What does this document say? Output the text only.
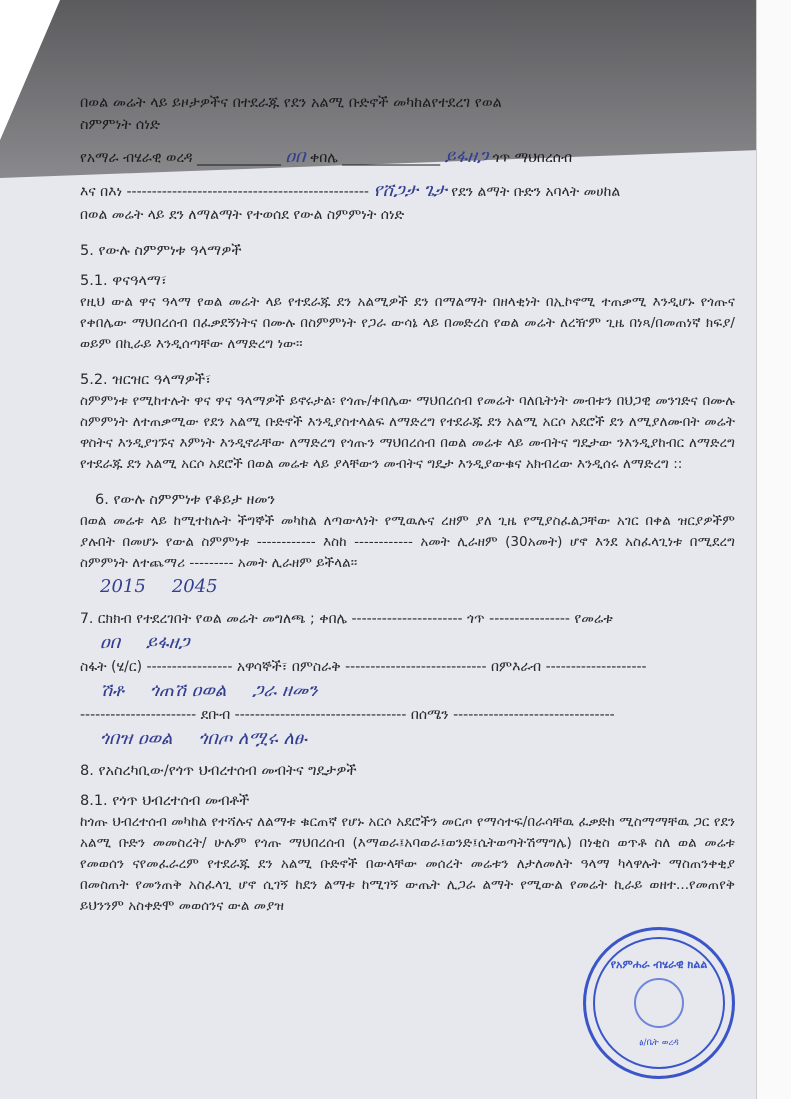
በወል መሬት ላይ ይዞታዎችና በተደራጁ የደን አልሚ ቡድኖች መካከልየተደረገ የወል
ስምምነት ሰነድ
የአማራ ብሄራዊ ወረዳ ____________ ዐበ ቀበሌ ______________ ይፋዘጋ ጎጥ ማህበረሰብ
እና በእነ ------------------------------------------------ የሸጋታ ጌታ የደን ልማት ቡድን አባላት መሀከል
በወል መሬት ላይ ደን ለማልማት የተወሰደ የውል ስምምነት ሰነድ
5. የውሉ ስምምነቱ ዓላማዎች
5.1. ዋናዓላማ፣
የዚህ ውል ዋና ዓላማ የወል መሬት ላይ የተደራጁ ደን አልሚዎች ደን በማልማት በዘላቂነት በኢኮኖሚ ተጠቃሚ እንዲሆኑ የጎጡና የቀበሌው ማህበረሰብ በፈቃደኝነትና በሙሉ በስምምነት የጋራ ውሳኔ ላይ በመድረስ የወል መሬት ለረዥም ጊዜ በነጻ/በመጠነኛ ክፍያ/ ወይም በኪራይ እንዲሰጣቸው ለማድረግ ነው፡፡
5.2. ዝርዝር ዓላማዎች፣
ስምምነቱ የሚከተሉት ዋና ዋና ዓላማዎች ይኖሩታል፡ የጎጡ/ቀበሌው ማህበረሰብ የመሬት ባለቤትነት መብቱን በህጋዊ መንገድና በሙሉ ስምምነት ለተጠቃሚው የደን አልሚ ቡድኖች እንዲያስተላልፍ ለማድረግ የተደራጁ ደን አልሚ አርሶ አደሮች ደን ለሚያለሙበት መሬት ዋስትና እንዲያገኙና እምነት እንዲኖራቸው ለማድረግ የጎጡን ማህበረሰብ በወል መሬቱ ላይ መብትና ግዴታው ንእንዲያከብር ለማድረግ የተደራጁ ደን አልሚ አርሶ አደሮች በወል መሬቱ ላይ ያላቸውን መብትና ግዴታ እንዲያውቁና አክብረው እንዲሰሩ ለማድረግ ::
6. የውሉ ስምምነቱ የቆይታ ዘመን
በወል መሬቱ ላይ ከሚተከሉት ችግኞች መካከል ለጣውላነት የሚዉሉና ረዘም ያለ ጊዜ የሚያስፈልጋቸው አገር በቀል ዝርያዎችም ያሉበት በመሆኑ የውል ስምምነቱ ------------ እስከ ------------ አመት ሊራዘም (30አመት) ሆኖ እንደ አስፈላጊነቱ በሚደረግ ስምምነት ለተጨማሪ --------- አመት ሊራዘም ይችላል፡፡
2015 2045
7. ርክክብ የተደረገበት የወል መሬት መግለጫ ; ቀበሌ ---------------------- ጎጥ ---------------- የመሬቱ
ዐበ ይፋዘጋ
ስፋት (ሄ/ር) ----------------- አዋሳኞች፣ በምስራቅ ---------------------------- በምእራብ --------------------
ሽቶ ጎጠሽ ዐወል ጋራ ዘመን
----------------------- ደቡብ ---------------------------------- በሰሜን --------------------------------
ጎበዝ ዐወል ጎበጦ ለሟሩ ለፁ
8. የአስረካቢው/የጎጥ ህብረተሰብ መብትና ግዴታዎች
8.1. የጎጥ ህብረተሰብ መብቶች
ከጎጡ ህብረተሰብ መካከል የተሻሉና ለልማቱ ቁርጠኛ የሆኑ አርሶ አደሮችን መርጦ የማሳተፍ/በራሳቸዉ ፈቃድከ ሚስማማቸዉ ጋር የደን አልሚ ቡድን መመስረት/ ሁሉም የጎጡ ማህበረሰብ (እማወራ፤አባወራ፤ወንድ፤ሴትወጣትሽማግሌ) በነቂስ ወጥቶ ስለ ወል መሬቱ የመወሰን ናየመፈራረም የተደራጁ ደን አልሚ ቡድኖች በውላቸው መሰረት መሬቱን ለታለመለት ዓላማ ካላዋሉት ማስጠንቀቂያ በመስጠት የመንጠቅ አስፈላጊ ሆኖ ሲገኝ ከደን ልማቱ ከሚገኝ ውጤት ሊጋራ ልማት የሚውል የመሬት ኪራይ ወዘተ...የመጠየቅ ይህንንም አስቀድሞ መወሰንና ውል መያዝ
የአምሐራ ብሄራዊ ክልል
ፅ/ቤት ወረዳ
